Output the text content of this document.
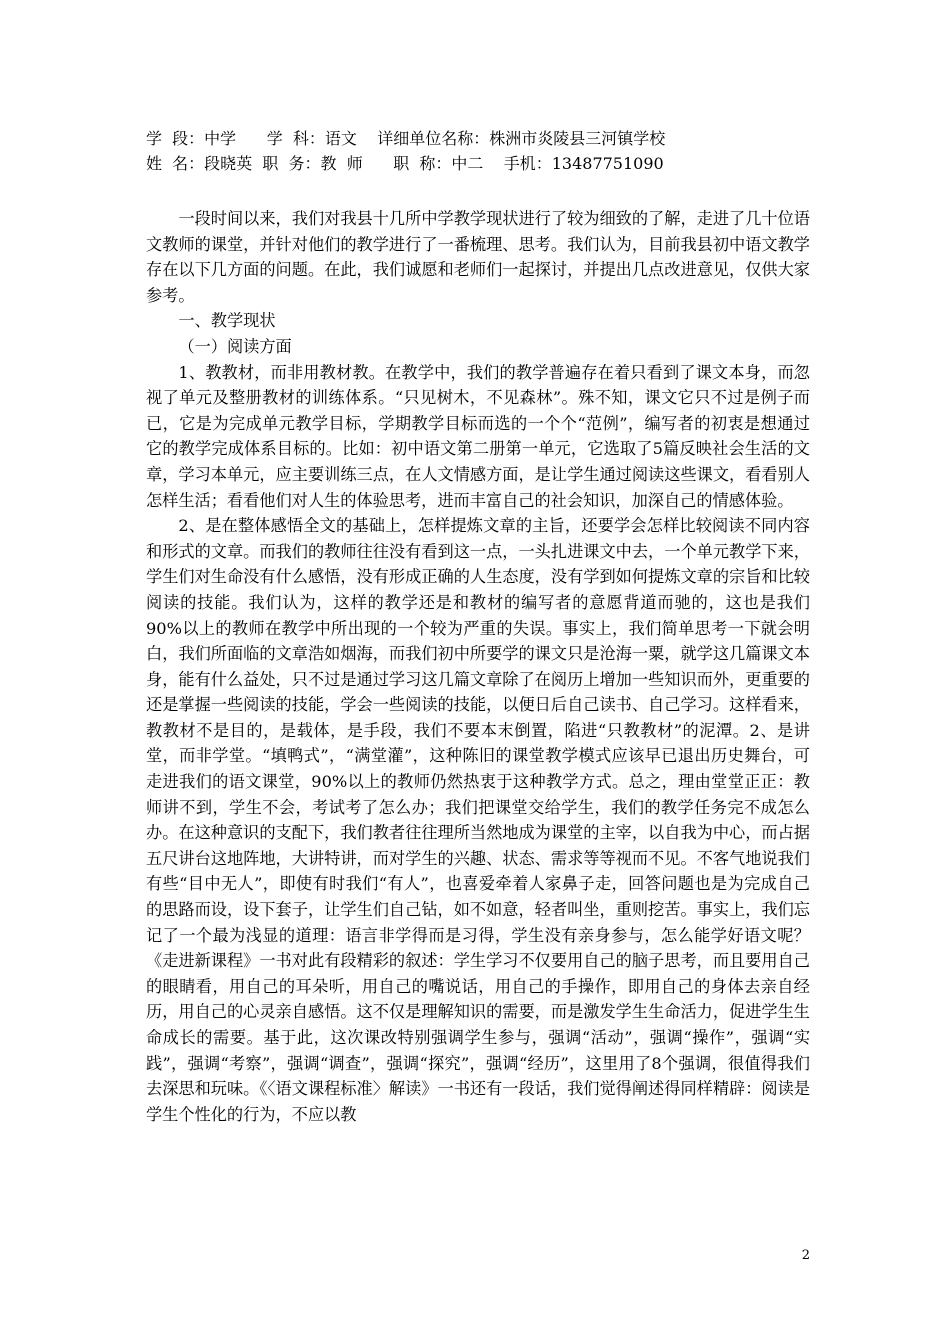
学  段：中学      学  科：语文    详细单位名称：株洲市炎陵县三河镇学校
姓  名：段晓英  职  务：教  师      职  称：中二    手机：13487751090

一段时间以来，我们对我县十几所中学教学现状进行了较为细致的了解，走进了几十位语文教师的课堂，并针对他们的教学进行了一番梳理、思考。我们认为，目前我县初中语文教学存在以下几方面的问题。在此，我们诚愿和老师们一起探讨，并提出几点改进意见，仅供大家参考。

一、教学现状

（一）阅读方面

1、教教材，而非用教材教。在教学中，我们的教学普遍存在着只看到了课文本身，而忽视了单元及整册教材的训练体系。“只见树木，不见森林”。殊不知，课文它只不过是例子而已，它是为完成单元教学目标，学期教学目标而选的一个个“范例”，编写者的初衷是想通过它的教学完成体系目标的。比如：初中语文第二册第一单元，它选取了5篇反映社会生活的文章，学习本单元，应主要训练三点，在人文情感方面，是让学生通过阅读这些课文，看看别人怎样生活；看看他们对人生的体验思考，进而丰富自己的社会知识，加深自己的情感体验。

2、是在整体感悟全文的基础上，怎样提炼文章的主旨，还要学会怎样比较阅读不同内容和形式的文章。而我们的教师往往没有看到这一点，一头扎进课文中去，一个单元教学下来，学生们对生命没有什么感悟，没有形成正确的人生态度，没有学到如何提炼文章的宗旨和比较阅读的技能。我们认为，这样的教学还是和教材的编写者的意愿背道而驰的，这也是我们90%以上的教师在教学中所出现的一个较为严重的失误。事实上，我们简单思考一下就会明白，我们所面临的文章浩如烟海，而我们初中所要学的课文只是沧海一粟，就学这几篇课文本身，能有什么益处，只不过是通过学习这几篇文章除了在阅历上增加一些知识而外，更重要的还是掌握一些阅读的技能，学会一些阅读的技能，以便日后自己读书、自己学习。这样看来，教教材不是目的，是载体，是手段，我们不要本末倒置，陷进“只教教材”的泥潭。2、是讲堂，而非学堂。“填鸭式”，“满堂灌”，这种陈旧的课堂教学模式应该早已退出历史舞台，可走进我们的语文课堂，90%以上的教师仍然热衷于这种教学方式。总之，理由堂堂正正：教师讲不到，学生不会，考试考了怎么办；我们把课堂交给学生，我们的教学任务完不成怎么办。在这种意识的支配下，我们教者往往理所当然地成为课堂的主宰，以自我为中心，而占据五尺讲台这地阵地，大讲特讲，而对学生的兴趣、状态、需求等等视而不见。不客气地说我们有些“目中无人”，即使有时我们“有人”，也喜爱牵着人家鼻子走，回答问题也是为完成自己的思路而设，设下套子，让学生们自己钻，如不如意，轻者叫坐，重则挖苦。事实上，我们忘记了一个最为浅显的道理：语言非学得而是习得，学生没有亲身参与，怎么能学好语文呢？《走进新课程》一书对此有段精彩的叙述：学生学习不仅要用自己的脑子思考，而且要用自己的眼睛看，用自己的耳朵听，用自己的嘴说话，用自己的手操作，即用自己的身体去亲自经历，用自己的心灵亲自感悟。这不仅是理解知识的需要，而是激发学生生命活力，促进学生生命成长的需要。基于此，这次课改特别强调学生参与，强调“活动”，强调“操作”，强调“实践”，强调“考察”，强调“调查”，强调“探究”，强调“经历”，这里用了8个强调，很值得我们去深思和玩味。《〈语文课程标准〉解读》一书还有一段话，我们觉得阐述得同样精辟：阅读是学生个性化的行为，不应以教

2
